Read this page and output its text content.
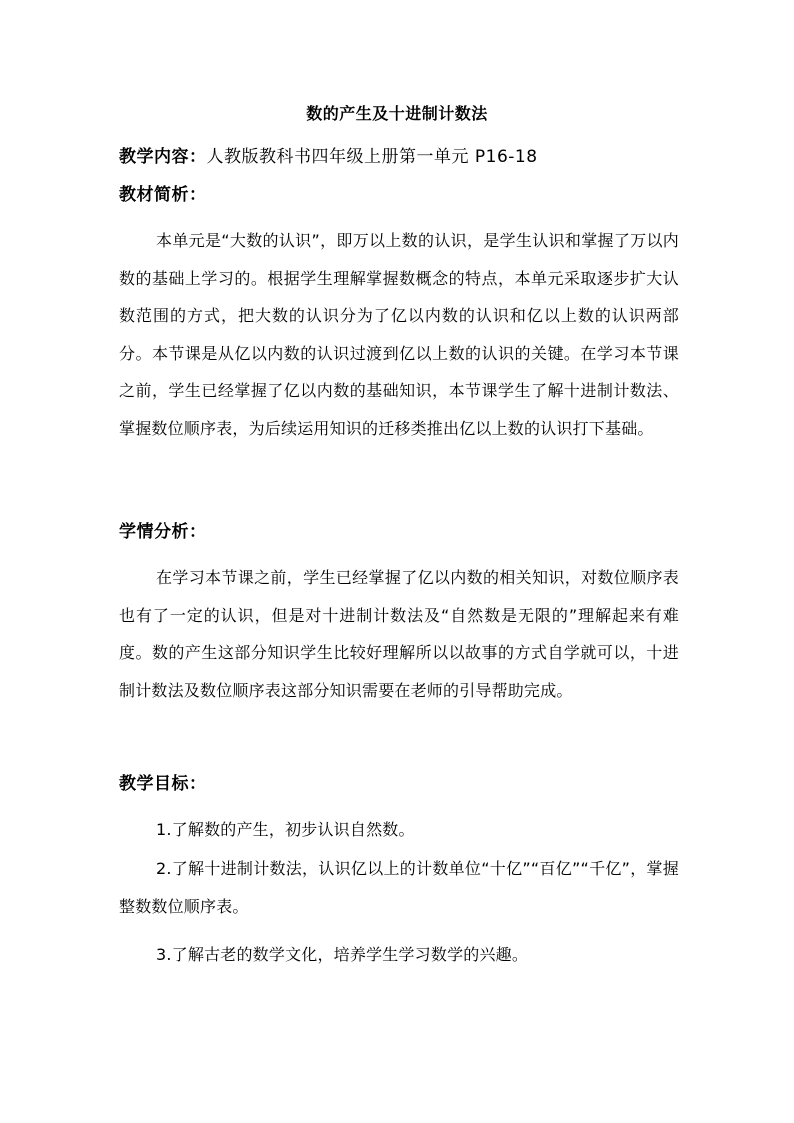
数的产生及十进制计数法
教学内容：人教版教科书四年级上册第一单元 P16-18
教材简析：
本单元是“大数的认识”，即万以上数的认识，是学生认识和掌握了万以内数的基础上学习的。根据学生理解掌握数概念的特点，本单元采取逐步扩大认数范围的方式，把大数的认识分为了亿以内数的认识和亿以上数的认识两部分。本节课是从亿以内数的认识过渡到亿以上数的认识的关键。在学习本节课之前，学生已经掌握了亿以内数的基础知识，本节课学生了解十进制计数法、掌握数位顺序表，为后续运用知识的迁移类推出亿以上数的认识打下基础。
学情分析：
在学习本节课之前，学生已经掌握了亿以内数的相关知识，对数位顺序表也有了一定的认识，但是对十进制计数法及“自然数是无限的”理解起来有难度。数的产生这部分知识学生比较好理解所以以故事的方式自学就可以，十进制计数法及数位顺序表这部分知识需要在老师的引导帮助完成。
教学目标：
1.了解数的产生，初步认识自然数。
2.了解十进制计数法，认识亿以上的计数单位“十亿”“百亿”“千亿”，掌握整数数位顺序表。
3.了解古老的数学文化，培养学生学习数学的兴趣。
